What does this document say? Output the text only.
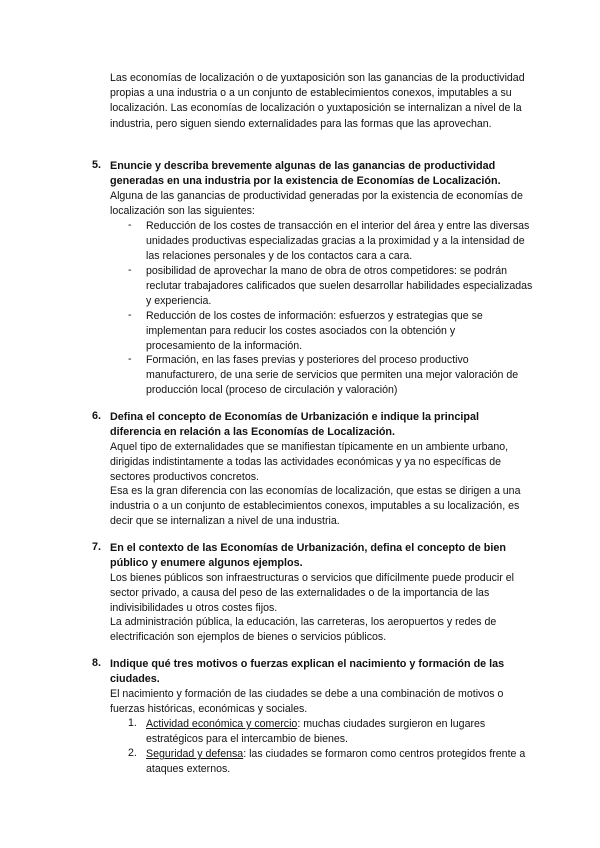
Las economías de localización o de yuxtaposición son las ganancias de la productividad propias a una industria o a un conjunto de establecimientos conexos, imputables a su localización. Las economías de localización o yuxtaposición se internalizan a nivel de la industria, pero siguen siendo externalidades para las formas que las aprovechan.

5. Enuncie y describa brevemente algunas de las ganancias de productividad generadas en una industria por la existencia de Economías de Localización.

Alguna de las ganancias de productividad generadas por la existencia de economías de localización son las siguientes:

- Reducción de los costes de transacción en el interior del área y entre las diversas unidades productivas especializadas gracias a la proximidad y a la intensidad de las relaciones personales y de los contactos cara a cara.

- posibilidad de aprovechar la mano de obra de otros competidores: se podrán reclutar trabajadores calificados que suelen desarrollar habilidades especializadas y experiencia.

- Reducción de los costes de información: esfuerzos y estrategias que se implementan para reducir los costes asociados con la obtención y procesamiento de la información.

- Formación, en las fases previas y posteriores del proceso productivo manufacturero, de una serie de servicios que permiten una mejor valoración de producción local (proceso de circulación y valoración)

6. Defina el concepto de Economías de Urbanización e indique la principal diferencia en relación a las Economías de Localización.

Aquel tipo de externalidades que se manifiestan típicamente en un ambiente urbano, dirigidas indistintamente a todas las actividades económicas y ya no específicas de sectores productivos concretos.

Esa es la gran diferencia con las economías de localización, que estas se dirigen a una industria o a un conjunto de establecimientos conexos, imputables a su localización, es decir que se internalizan a nivel de una industria.

7. En el contexto de las Economías de Urbanización, defina el concepto de bien público y enumere algunos ejemplos.

Los bienes públicos son infraestructuras o servicios que difícilmente puede producir el sector privado, a causa del peso de las externalidades o de la importancia de las indivisibilidades u otros costes fijos.

La administración pública, la educación, las carreteras, los aeropuertos y redes de electrificación son ejemplos de bienes o servicios públicos.

8. Indique qué tres motivos o fuerzas explican el nacimiento y formación de las ciudades.

El nacimiento y formación de las ciudades se debe a una combinación de motivos o fuerzas históricas, económicas y sociales.

1. Actividad económica y comercio: muchas ciudades surgieron en lugares estratégicos para el intercambio de bienes.

2. Seguridad y defensa: las ciudades se formaron como centros protegidos frente a ataques externos.
